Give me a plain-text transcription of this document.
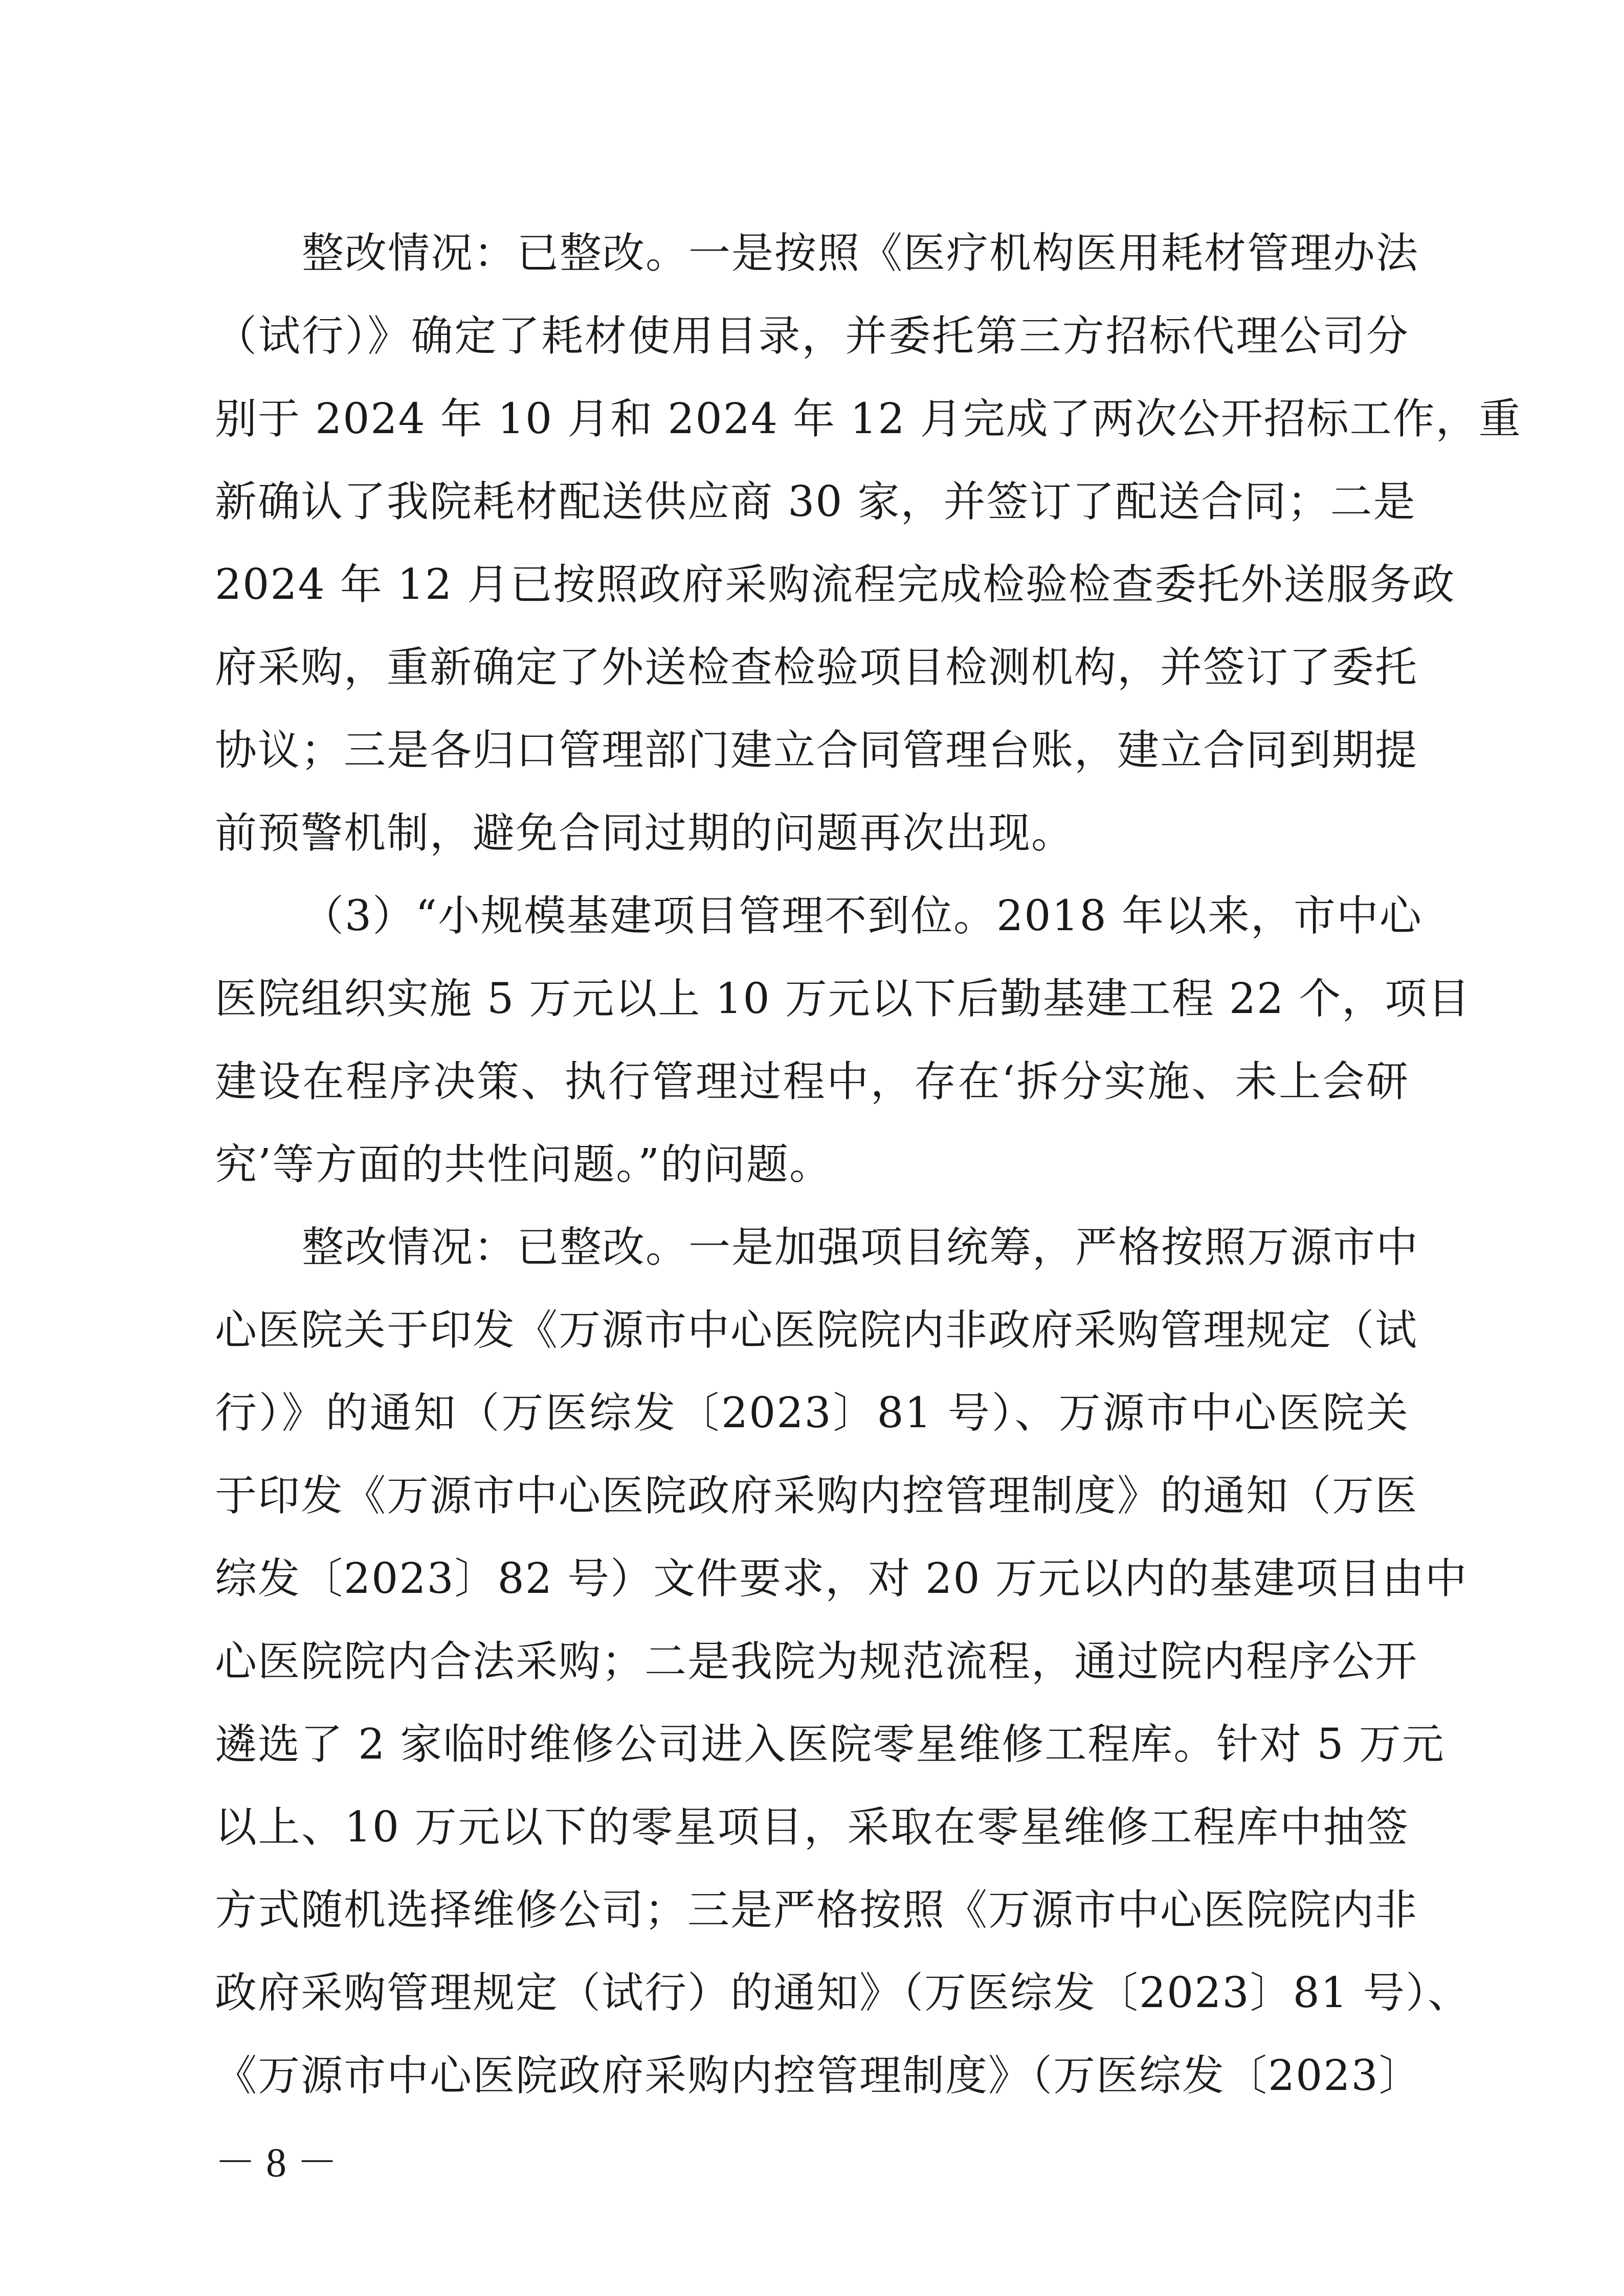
整改情况：已整改。一是按照《医疗机构医用耗材管理办法
（试行）》确定了耗材使用目录，并委托第三方招标代理公司分
别于 2024 年 10 月和 2024 年 12 月完成了两次公开招标工作，重
新确认了我院耗材配送供应商 30 家，并签订了配送合同；二是
2024 年 12 月已按照政府采购流程完成检验检查委托外送服务政
府采购，重新确定了外送检查检验项目检测机构，并签订了委托
协议；三是各归口管理部门建立合同管理台账，建立合同到期提
前预警机制，避免合同过期的问题再次出现。
（3）“小规模基建项目管理不到位。2018 年以来，市中心
医院组织实施 5 万元以上 10 万元以下后勤基建工程 22 个，项目
建设在程序决策、执行管理过程中，存在‘拆分实施、未上会研
究’等方面的共性问题。”的问题。
整改情况：已整改。一是加强项目统筹，严格按照万源市中
心医院关于印发《万源市中心医院院内非政府采购管理规定（试
行）》的通知（万医综发〔2023〕81 号）、万源市中心医院关
于印发《万源市中心医院政府采购内控管理制度》的通知（万医
综发〔2023〕82 号）文件要求，对 20 万元以内的基建项目由中
心医院院内合法采购；二是我院为规范流程，通过院内程序公开
遴选了 2 家临时维修公司进入医院零星维修工程库。针对 5 万元
以上、10 万元以下的零星项目，采取在零星维修工程库中抽签
方式随机选择维修公司；三是严格按照《万源市中心医院院内非
政府采购管理规定（试行）的通知》（万医综发〔2023〕81 号）、
《万源市中心医院政府采购内控管理制度》（万医综发〔2023〕
－ 8 －
